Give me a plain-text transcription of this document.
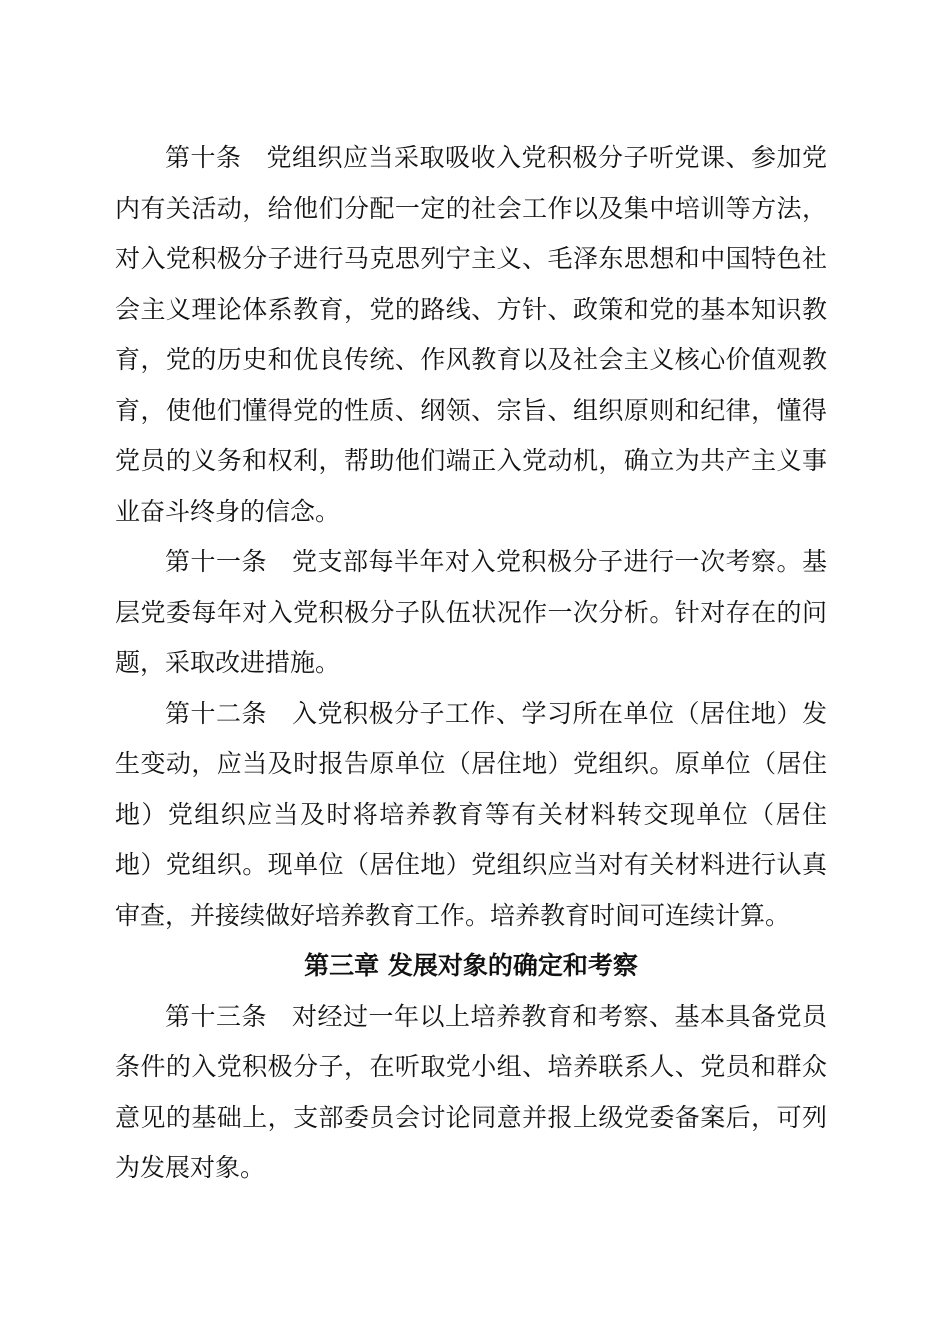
第十条 党组织应当采取吸收入党积极分子听党课、参加党内有关活动，给他们分配一定的社会工作以及集中培训等方法，对入党积极分子进行马克思列宁主义、毛泽东思想和中国特色社会主义理论体系教育，党的路线、方针、政策和党的基本知识教育，党的历史和优良传统、作风教育以及社会主义核心价值观教育，使他们懂得党的性质、纲领、宗旨、组织原则和纪律，懂得党员的义务和权利，帮助他们端正入党动机，确立为共产主义事业奋斗终身的信念。

第十一条 党支部每半年对入党积极分子进行一次考察。基层党委每年对入党积极分子队伍状况作一次分析。针对存在的问题，采取改进措施。

第十二条 入党积极分子工作、学习所在单位（居住地）发生变动，应当及时报告原单位（居住地）党组织。原单位（居住地）党组织应当及时将培养教育等有关材料转交现单位（居住地）党组织。现单位（居住地）党组织应当对有关材料进行认真审查，并接续做好培养教育工作。培养教育时间可连续计算。

第三章 发展对象的确定和考察

第十三条 对经过一年以上培养教育和考察、基本具备党员条件的入党积极分子，在听取党小组、培养联系人、党员和群众意见的基础上，支部委员会讨论同意并报上级党委备案后，可列为发展对象。
